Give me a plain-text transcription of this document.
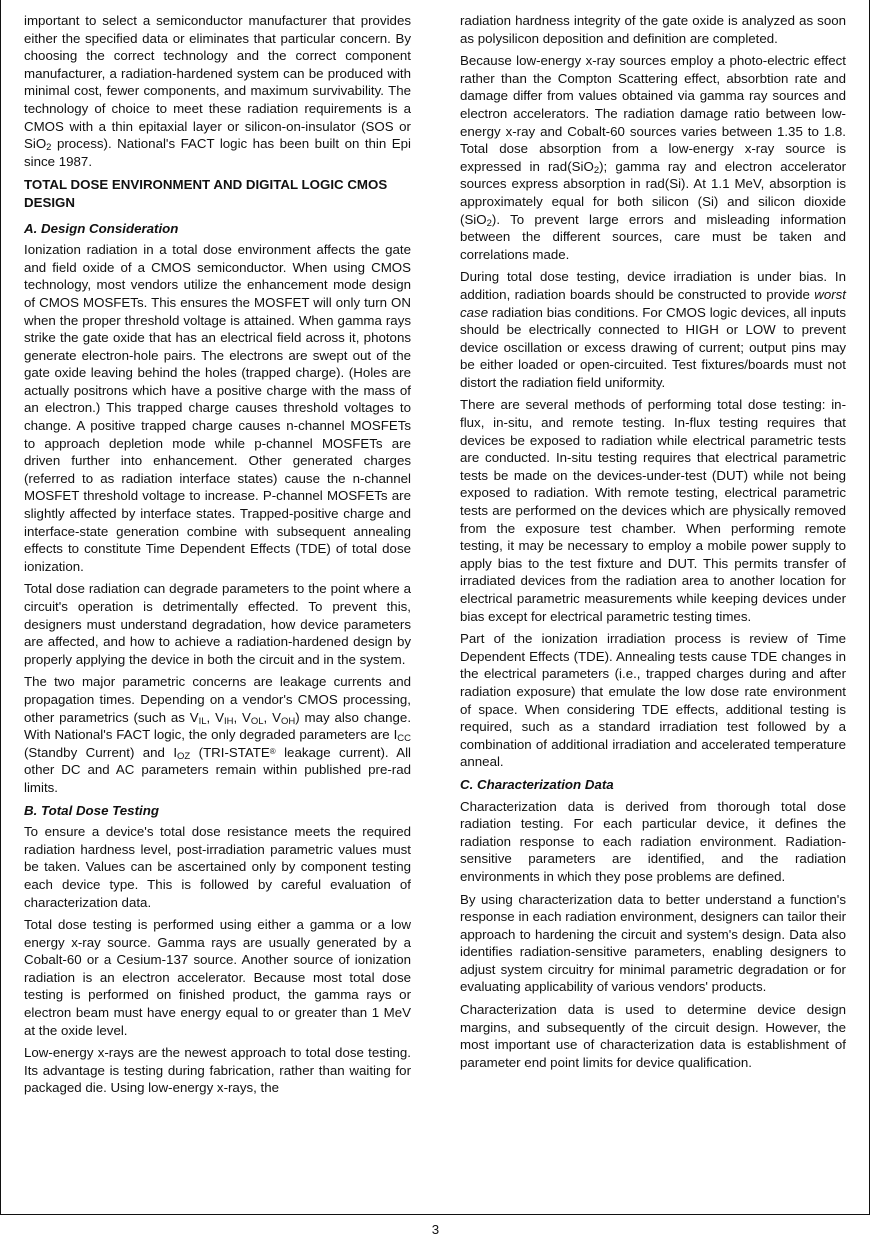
important to select a semiconductor manufacturer that provides either the specified data or eliminates that particular concern. By choosing the correct technology and the correct component manufacturer, a radiation-hardened system can be produced with minimal cost, fewer components, and maximum survivability. The technology of choice to meet these radiation requirements is a CMOS with a thin epitaxial layer or silicon-on-insulator (SOS or SiO$_2$ process). National's FACT logic has been built on thin Epi since 1987.

TOTAL DOSE ENVIRONMENT AND DIGITAL LOGIC CMOS DESIGN
A. Design Consideration

Ionization radiation in a total dose environment affects the gate and field oxide of a CMOS semiconductor. When using CMOS technology, most vendors utilize the enhancement mode design of CMOS MOSFETs. This ensures the MOSFET will only turn ON when the proper threshold voltage is attained. When gamma rays strike the gate oxide that has an electrical field across it, photons generate electron-hole pairs. The electrons are swept out of the gate oxide leaving behind the holes (trapped charge). (Holes are actually positrons which have a positive charge with the mass of an electron.) This trapped charge causes threshold voltages to change. A positive trapped charge causes n-channel MOSFETs to approach depletion mode while p-channel MOSFETs are driven further into enhancement. Other generated charges (referred to as radiation interface states) cause the n-channel MOSFET threshold voltage to increase. P-channel MOSFETs are slightly affected by interface states. Trapped-positive charge and interface-state generation combine with subsequent annealing effects to constitute Time Dependent Effects (TDE) of total dose ionization.

Total dose radiation can degrade parameters to the point where a circuit's operation is detrimentally effected. To prevent this, designers must understand degradation, how device parameters are affected, and how to achieve a radiation-hardened design by properly applying the device in both the circuit and in the system.

The two major parametric concerns are leakage currents and propagation times. Depending on a vendor's CMOS processing, other parametrics (such as $V_{IL}$, $V_{IH}$, $V_{OL}$, $V_{OH}$) may also change. With National's FACT logic, the only degraded parameters are $I_{CC}$ (Standby Current) and $I_{OZ}$ (TRI-STATE® leakage current). All other DC and AC parameters remain within published pre-rad limits.

B. Total Dose Testing

To ensure a device's total dose resistance meets the required radiation hardness level, post-irradiation parametric values must be taken. Values can be ascertained only by component testing each device type. This is followed by careful evaluation of characterization data.

Total dose testing is performed using either a gamma or a low energy x-ray source. Gamma rays are usually generated by a Cobalt-60 or a Cesium-137 source. Another source of ionization radiation is an electron accelerator. Because most total dose testing is performed on finished product, the gamma rays or electron beam must have energy equal to or greater than 1 MeV at the oxide level.

Low-energy x-rays are the newest approach to total dose testing. Its advantage is testing during fabrication, rather than waiting for packaged die. Using low-energy x-rays, the

radiation hardness integrity of the gate oxide is analyzed as soon as polysilicon deposition and definition are completed.

Because low-energy x-ray sources employ a photo-electric effect rather than the Compton Scattering effect, absorbtion rate and damage differ from values obtained via gamma ray sources and electron accelerators. The radiation damage ratio between low-energy x-ray and Cobalt-60 sources varies between 1.35 to 1.8. Total dose absorption from a low-energy x-ray source is expressed in rad(SiO$_2$); gamma ray and electron accelerator sources express absorption in rad(Si). At 1.1 MeV, absorption is approximately equal for both silicon (Si) and silicon dioxide (SiO$_2$). To prevent large errors and misleading information between the different sources, care must be taken and correlations made.

During total dose testing, device irradiation is under bias. In addition, radiation boards should be constructed to provide worst case radiation bias conditions. For CMOS logic devices, all inputs should be electrically connected to HIGH or LOW to prevent device oscillation or excess drawing of current; output pins may be either loaded or open-circuited. Test fixtures/boards must not distort the radiation field uniformity.

There are several methods of performing total dose testing: in-flux, in-situ, and remote testing. In-flux testing requires that devices be exposed to radiation while electrical parametric tests are conducted. In-situ testing requires that electrical parametric tests be made on the devices-under-test (DUT) while not being exposed to radiation. With remote testing, electrical parametric tests are performed on the devices which are physically removed from the exposure test chamber. When performing remote testing, it may be necessary to employ a mobile power supply to apply bias to the test fixture and DUT. This permits transfer of irradiated devices from the radiation area to another location for electrical parametric measurements while keeping devices under bias except for electrical parametric testing times.

Part of the ionization irradiation process is review of Time Dependent Effects (TDE). Annealing tests cause TDE changes in the electrical parameters (i.e., trapped charges during and after radiation exposure) that emulate the low dose rate environment of space. When considering TDE effects, additional testing is required, such as a standard irradiation test followed by a combination of additional irradiation and accelerated temperature anneal.

C. Characterization Data

Characterization data is derived from thorough total dose radiation testing. For each particular device, it defines the radiation response to each radiation environment. Radiation-sensitive parameters are identified, and the radiation environments in which they pose problems are defined.

By using characterization data to better understand a function's response in each radiation environment, designers can tailor their approach to hardening the circuit and system's design. Data also identifies radiation-sensitive parameters, enabling designers to adjust system circuitry for minimal parametric degradation or for evaluating applicability of various vendors' products.

Characterization data is used to determine device design margins, and subsequently of the circuit design. However, the most important use of characterization data is establishment of parameter end point limits for device qualification.

3
